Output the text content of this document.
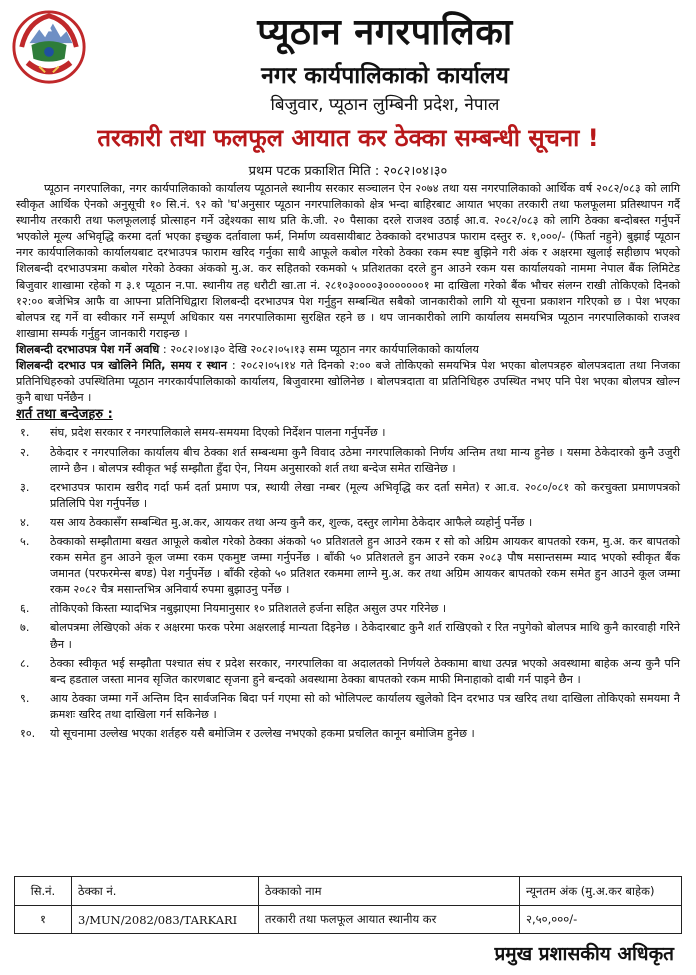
प्यूठान नगरपालिका
नगर कार्यपालिकाको कार्यालय
बिजुवार, प्यूठान लुम्बिनी प्रदेश, नेपाल
तरकारी तथा फलफूल आयात कर ठेक्का सम्बन्धी सूचना !
प्रथम पटक प्रकाशित मिति : २०८२।०४।३०

प्यूठान नगरपालिका, नगर कार्यपालिकाको कार्यालय प्यूठानले स्थानीय सरकार सञ्चालन ऐन २०७४ तथा यस नगरपालिकाको आर्थिक वर्ष २०८२/०८३ को लागि स्वीकृत आर्थिक ऐनको अनुसूची १० सि.नं. ९२ को 'घ'अनुसार प्यूठान नगरपालिकाको क्षेत्र भन्दा बाहिरबाट आयात भएका तरकारी तथा फलफूलमा प्रतिस्थापन गर्दै स्थानीय तरकारी तथा फलफूललाई प्रोत्साहन गर्ने उद्देश्यका साथ प्रति के.जी. २० पैसाका दरले राजश्व उठाई आ.व. २०८२/०८३ को लागि ठेक्का बन्दोबस्त गर्नुपर्ने भएकोले मूल्य अभिवृद्धि करमा दर्ता भएका इच्छुक दर्तावाला फर्म, निर्माण व्यवसायीबाट ठेक्काको दरभाउपत्र फाराम दस्तुर रु. १,०००/- (फिर्ता नहुने) बुझाई प्यूठान नगर कार्यपालिकाको कार्यालयबाट दरभाउपत्र फाराम खरिद गर्नुका साथै आफूले कबोल गरेको ठेक्का रकम स्पष्ट बुझिने गरी अंक र अक्षरमा खुलाई सहीछाप भएको शिलबन्दी दरभाउपत्रमा कबोल गरेको ठेक्का अंकको मु.अ. कर सहितको रकमको ५ प्रतिशतका दरले हुन आउने रकम यस कार्यालयको नाममा नेपाल बैंक लिमिटेड बिजुवार शाखामा रहेको ग ३.१ प्यूठान न.पा. स्थानीय तह धरौटी खा.ता नं. २८१०३००००३०००००००१ मा दाखिला गरेको बैंक भौचर संलग्न राखी तोकिएको दिनको १२:०० बजेभित्र आफै वा आफ्ना प्रतिनिधिद्वारा शिलबन्दी दरभाउपत्र पेश गर्नुहुन सम्बन्धित सबैको जानकारीको लागि यो सूचना प्रकाशन गरिएको छ । पेश भएका बोलपत्र रद्द गर्ने वा स्वीकार गर्ने सम्पूर्ण अधिकार यस नगरपालिकामा सुरक्षित रहने छ । थप जानकारीको लागि कार्यालय समयभित्र प्यूठान नगरपालिकाको राजश्व शाखामा सम्पर्क गर्नुहुन जानकारी गराइन्छ ।

शिलबन्दी दरभाउपत्र पेश गर्ने अवधि : २०८२।०४।३० देखि २०८२।०५।१३ सम्म प्यूठान नगर कार्यपालिकाको कार्यालय
शिलबन्दी दरभाउ पत्र खोलिने मिति, समय र स्थान : २०८२।०५।१४ गते दिनको २:०० बजे तोकिएको समयभित्र पेश भएका बोलपत्रहरु बोलपत्रदाता तथा निजका प्रतिनिधिहरुको उपस्थितिमा प्यूठान नगरकार्यपालिकाको कार्यालय, बिजुवारमा खोलिनेछ । बोलपत्रदाता वा प्रतिनिधिहरु उपस्थित नभए पनि पेश भएका बोलपत्र खोल्न कुनै बाधा पर्नेछैन ।
शर्त तथा बन्देजहरु :
१.	संघ, प्रदेश सरकार र नगरपालिकाले समय-समयमा दिएको निर्देशन पालना गर्नुपर्नेछ ।
२.	ठेकेदार र नगरपालिका कार्यालय बीच ठेक्का शर्त सम्बन्धमा कुनै विवाद उठेमा नगरपालिकाको निर्णय अन्तिम तथा मान्य हुनेछ । यसमा ठेकेदारको कुनै उजुरी लाग्ने छैन । बोलपत्र स्वीकृत भई सम्झौता हुँदा ऐन, नियम अनुसारको शर्त तथा बन्देज समेत राखिनेछ ।
३.	दरभाउपत्र फाराम खरीद गर्दा फर्म दर्ता प्रमाण पत्र, स्थायी लेखा नम्बर (मूल्य अभिवृद्धि कर दर्ता समेत) र आ.व. २०८०/०८१ को करचुक्ता प्रमाणपत्रको प्रतिलिपि पेश गर्नुपर्नेछ ।
४.	यस आय ठेक्कासँग सम्बन्धित मु.अ.कर, आयकर तथा अन्य कुनै कर, शुल्क, दस्तुर लागेमा ठेकेदार आफैले व्यहोर्नु पर्नेछ ।
५.	ठेक्काको सम्झौतामा बखत आफूले कबोल गरेको ठेक्का अंकको ५० प्रतिशतले हुन आउने रकम र सो को अग्रिम आयकर बापतको रकम, मु.अ. कर बापतको रकम समेत हुन आउने कूल जम्मा रकम एकमुष्ट जम्मा गर्नुपर्नेछ । बाँकी ५० प्रतिशतले हुन आउने रकम २०८३ पौष मसान्तसम्म म्याद भएको स्वीकृत बैंक जमानत (परफरमेन्स बण्ड) पेश गर्नुपर्नेछ । बाँकी रहेको ५० प्रतिशत रकममा लाग्ने मु.अ. कर तथा अग्रिम आयकर बापतको रकम समेत हुन आउने कूल जम्मा रकम २०८२ चैत्र मसान्तभित्र अनिवार्य रुपमा बुझाउनु पर्नेछ ।
६.	तोकिएको किस्ता म्यादभित्र नबुझाएमा नियमानुसार १० प्रतिशतले हर्जना सहित असुल उपर गरिनेछ ।
७.	बोलपत्रमा लेखिएको अंक र अक्षरमा फरक परेमा अक्षरलाई मान्यता दिइनेछ । ठेकेदारबाट कुनै शर्त राखिएको र रित नपुगेको बोलपत्र माथि कुनै कारवाही गरिने छैन ।
८.	ठेक्का स्वीकृत भई सम्झौता पश्चात संघ र प्रदेश सरकार, नगरपालिका वा अदालतको निर्णयले ठेक्कामा बाधा उत्पन्न भएको अवस्थामा बाहेक अन्य कुनै पनि बन्द हडताल जस्ता मानव सृजित कारणबाट सृजना हुने बन्दको अवस्थामा ठेक्का बापतको रकम माफी मिनाहाको दाबी गर्न पाइने छैन ।
९.	आय ठेक्का जम्मा गर्ने अन्तिम दिन सार्वजनिक बिदा पर्न गएमा सो को भोलिपल्ट कार्यालय खुलेको दिन दरभाउ पत्र खरिद तथा दाखिला तोकिएको समयमा नै क्रमशः खरिद तथा दाखिला गर्न सकिनेछ ।
१०.	यो सूचनामा उल्लेख भएका शर्तहरु यसै बमोजिम र उल्लेख नभएको हकमा प्रचलित कानून बमोजिम हुनेछ ।
सि.नं.	ठेक्का नं.	ठेक्काको नाम	न्यूनतम अंक (मु.अ.कर बाहेक)
१	3/MUN/2082/083/TARKARI	तरकारी तथा फलफूल आयात स्थानीय कर	२,५०,०००/-
प्रमुख प्रशासकीय अधिकृत
